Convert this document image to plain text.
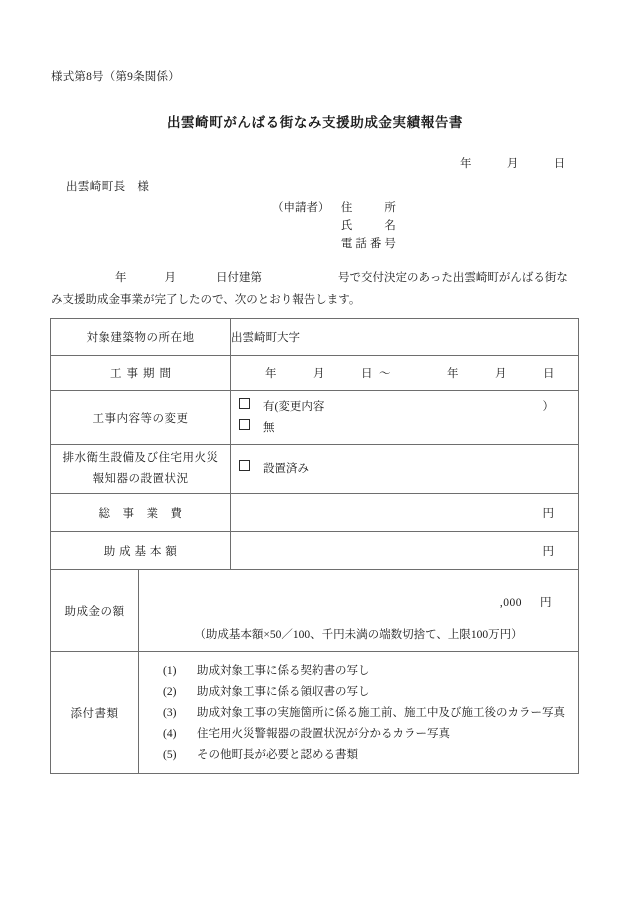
様式第8号（第9条関係）
出雲崎町がんばる街なみ支援助成金実績報告書
年	月	日
出雲崎町長　様
（申請者） 住　　所
氏　　名
電話番号
年	月	日付建第	号で交付決定のあった出雲崎町がんばる街な
み支援助成金事業が完了したので、次のとおり報告します。
対象建築物の所在地		出雲崎町大字
工事期間		年 月 日 〜 年 月 日

工事内容等の変更		有(変更内容 ）
無

排水衛生設備及び住宅用火災
報知器の設置状況		設置済み

総　事　業　費		円

助 成 基 本 額		円

助成金の額	,000 円
（助成基本額×50／100、千円未満の端数切捨て、上限100万円）	

添付書類	(1) 助成対象工事に係る契約書の写し
(2) 助成対象工事に係る領収書の写し
(3) 助成対象工事の実施箇所に係る施工前、施工中及び施工後のカラー写真
(4) 住宅用火災警報器の設置状況が分かるカラー写真
(5) その他町長が必要と認める書類	
